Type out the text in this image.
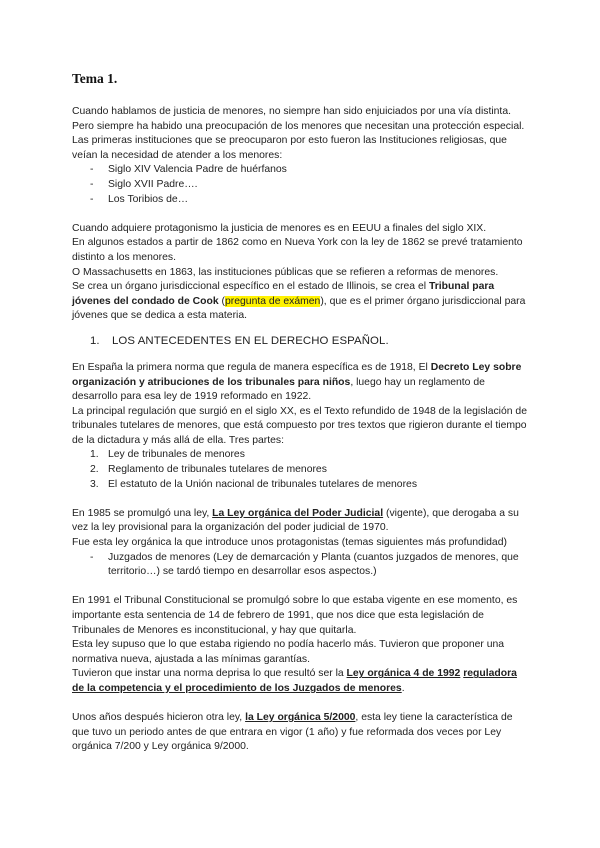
Tema 1.

Cuando hablamos de justicia de menores, no siempre han sido enjuiciados por una vía distinta. Pero siempre ha habido una preocupación de los menores que necesitan una protección especial.

Las primeras instituciones que se preocuparon por esto fueron las Instituciones religiosas, que veían la necesidad de atender a los menores:

- Siglo XIV Valencia Padre de huérfanos
- Siglo XVII Padre….
- Los Toribios de…

Cuando adquiere protagonismo la justicia de menores es en EEUU a finales del siglo XIX.

En algunos estados a partir de 1862 como en Nueva York con la ley de 1862 se prevé tratamiento distinto a los menores.

O Massachusetts en 1863, las instituciones públicas que se refieren a reformas de menores.

Se crea un órgano jurisdiccional específico en el estado de Illinois, se crea el Tribunal para jóvenes del condado de Cook (pregunta de exámen), que es el primer órgano jurisdiccional para jóvenes que se dedica a esta materia.

1. LOS ANTECEDENTES EN EL DERECHO ESPAÑOL.

En España la primera norma que regula de manera específica es de 1918, El Decreto Ley sobre organización y atribuciones de los tribunales para niños, luego hay un reglamento de desarrollo para esa ley de 1919 reformado en 1922.

La principal regulación que surgió en el siglo XX, es el Texto refundido de 1948 de la legislación de tribunales tutelares de menores, que está compuesto por tres textos que rigieron durante el tiempo de la dictadura y más allá de ella. Tres partes:

1. Ley de tribunales de menores
2. Reglamento de tribunales tutelares de menores
3. El estatuto de la Unión nacional de tribunales tutelares de menores

En 1985 se promulgó una ley, La Ley orgánica del Poder Judicial (vigente), que derogaba a su vez la ley provisional para la organización del poder judicial de 1970.

Fue esta ley orgánica la que introduce unos protagonistas (temas siguientes más profundidad)

- Juzgados de menores (Ley de demarcación y Planta (cuantos juzgados de menores, que territorio…) se tardó tiempo en desarrollar esos aspectos.)

En 1991 el Tribunal Constitucional se promulgó sobre lo que estaba vigente en ese momento, es importante esta sentencia de 14 de febrero de 1991, que nos dice que esta legislación de Tribunales de Menores es inconstitucional, y hay que quitarla.

Esta ley supuso que lo que estaba rigiendo no podía hacerlo más. Tuvieron que proponer una normativa nueva, ajustada a las mínimas garantías.

Tuvieron que instar una norma deprisa lo que resultó ser la Ley orgánica 4 de 1992 reguladora de la competencia y el procedimiento de los Juzgados de menores.

Unos años después hicieron otra ley, la Ley orgánica 5/2000, esta ley tiene la característica de que tuvo un periodo antes de que entrara en vigor (1 año) y fue reformada dos veces por Ley orgánica 7/200 y Ley orgánica 9/2000.
